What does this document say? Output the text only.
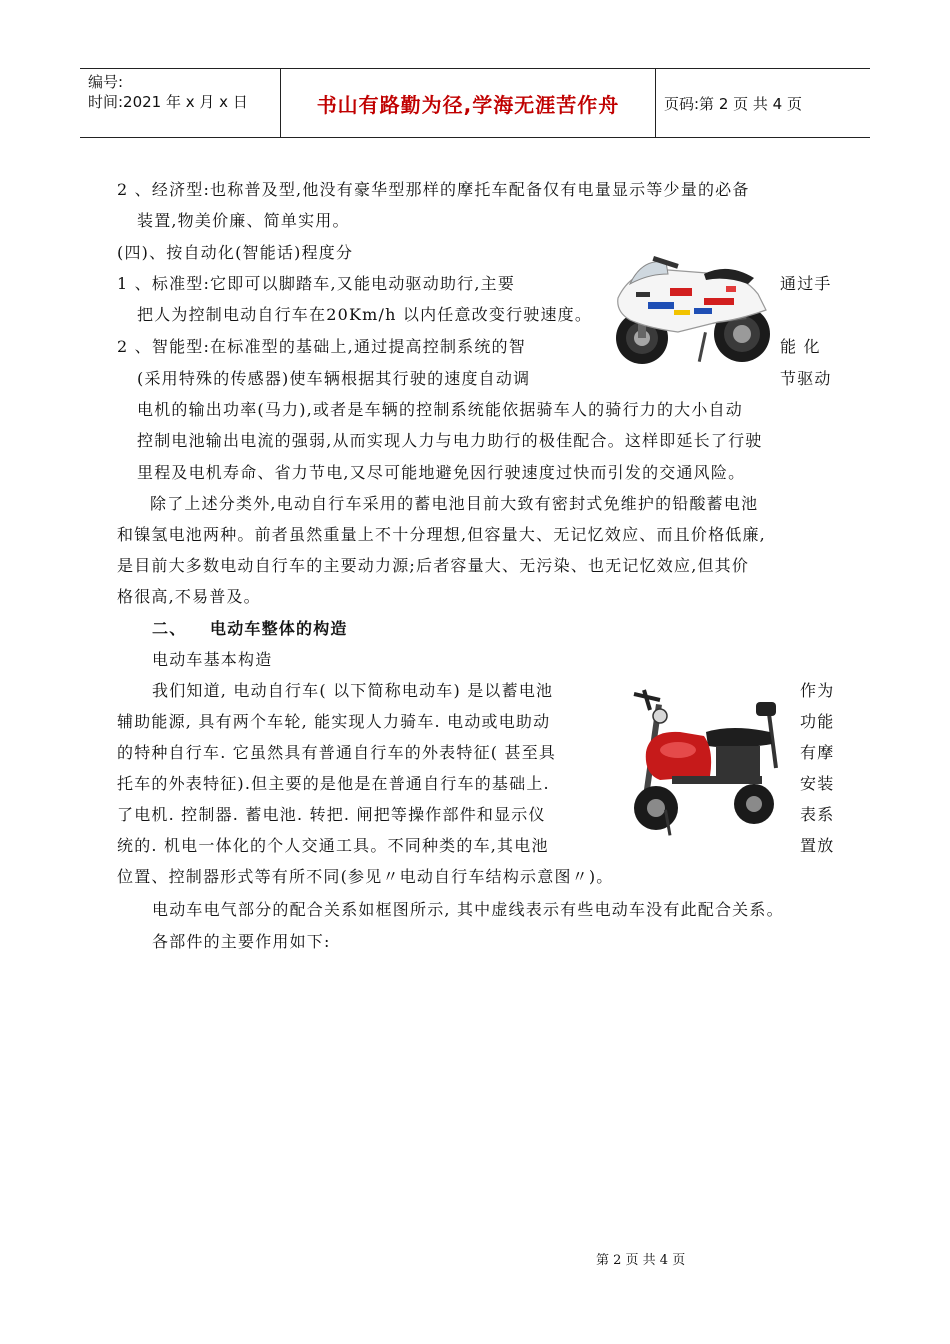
编号:
时间:2021 年 x 月 x 日	书山有路勤为径,学海无涯苦作舟	页码:第 2 页 共 4 页
2 、经济型:也称普及型,他没有豪华型那样的摩托车配备仅有电量显示等少量的必备
装置,物美价廉、简单实用。
(四)、按自动化(智能话)程度分
1 、标准型:它即可以脚踏车,又能电动驱动助行,主要	通过手
把人为控制电动自行车在20Km/h 以内任意改变行驶速度。
2 、智能型:在标准型的基础上,通过提高控制系统的智	能 化
(采用特殊的传感器)使车辆根据其行驶的速度自动调	节驱动
电机的输出功率(马力),或者是车辆的控制系统能依据骑车人的骑行力的大小自动
控制电池输出电流的强弱,从而实现人力与电力助行的极佳配合。这样即延长了行驶
里程及电机寿命、省力节电,又尽可能地避免因行驶速度过快而引发的交通风险。
除了上述分类外,电动自行车采用的蓄电池目前大致有密封式免维护的铅酸蓄电池
和镍氢电池两种。前者虽然重量上不十分理想,但容量大、无记忆效应、而且价格低廉,
是目前大多数电动自行车的主要动力源;后者容量大、无污染、也无记忆效应,但其价
格很高,不易普及。
二、 电动车整体的构造
电动车基本构造
我们知道, 电动自行车( 以下简称电动车) 是以蓄电池	作为
辅助能源, 具有两个车轮, 能实现人力骑车. 电动或电助动	功能
的特种自行车. 它虽然具有普通自行车的外表特征( 甚至具	有摩
托车的外表特征).但主要的是他是在普通自行车的基础上.	安装
了电机. 控制器. 蓄电池. 转把. 闸把等操作部件和显示仪	表系
统的. 机电一体化的个人交通工具。不同种类的车,其电池	置放
位置、控制器形式等有所不同(参见〃电动自行车结构示意图〃)。
电动车电气部分的配合关系如框图所示, 其中虚线表示有些电动车没有此配合关系。
各部件的主要作用如下:
第 2 页 共 4 页
